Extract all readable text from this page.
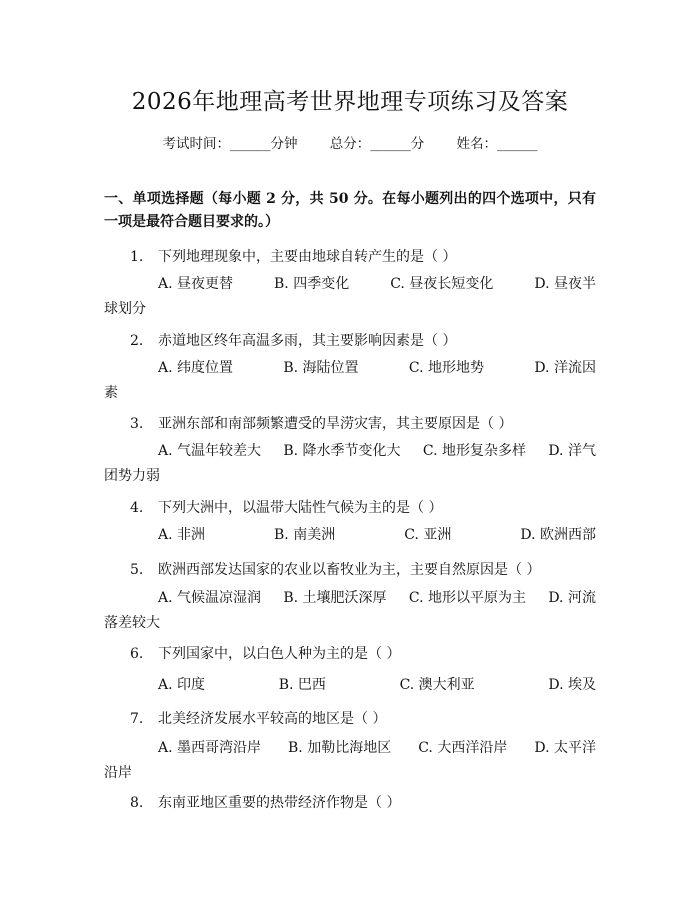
2026年地理高考世界地理专项练习及答案
考试时间：______分钟 总分：______分 姓名：______
一、单项选择题（每小题 2 分，共 50 分。在每小题列出的四个选项中，只有一项是最符合题目要求的。）
1. 下列地理现象中，主要由地球自转产生的是（ ）
A. 昼夜更替	B. 四季变化	C. 昼夜长短变化	D. 昼夜半
球划分
2. 赤道地区终年高温多雨，其主要影响因素是（ ）
A. 纬度位置	B. 海陆位置	C. 地形地势	D. 洋流因
素
3. 亚洲东部和南部频繁遭受的旱涝灾害，其主要原因是（ ）
A. 气温年较差大 B. 降水季节变化大 C. 地形复杂多样 D. 洋气
团势力弱
4. 下列大洲中，以温带大陆性气候为主的是（ ）
A. 非洲	B. 南美洲	C. 亚洲	D. 欧洲西部
5. 欧洲西部发达国家的农业以畜牧业为主，主要自然原因是（ ）
A. 气候温凉湿润 B. 土壤肥沃深厚 C. 地形以平原为主 D. 河流
落差较大
6. 下列国家中，以白色人种为主的是（ ）
A. 印度	B. 巴西	C. 澳大利亚	D. 埃及
7. 北美经济发展水平较高的地区是（ ）
A. 墨西哥湾沿岸 B. 加勒比海地区 C. 大西洋沿岸 D. 太平洋
沿岸
8. 东南亚地区重要的热带经济作物是（ ）
